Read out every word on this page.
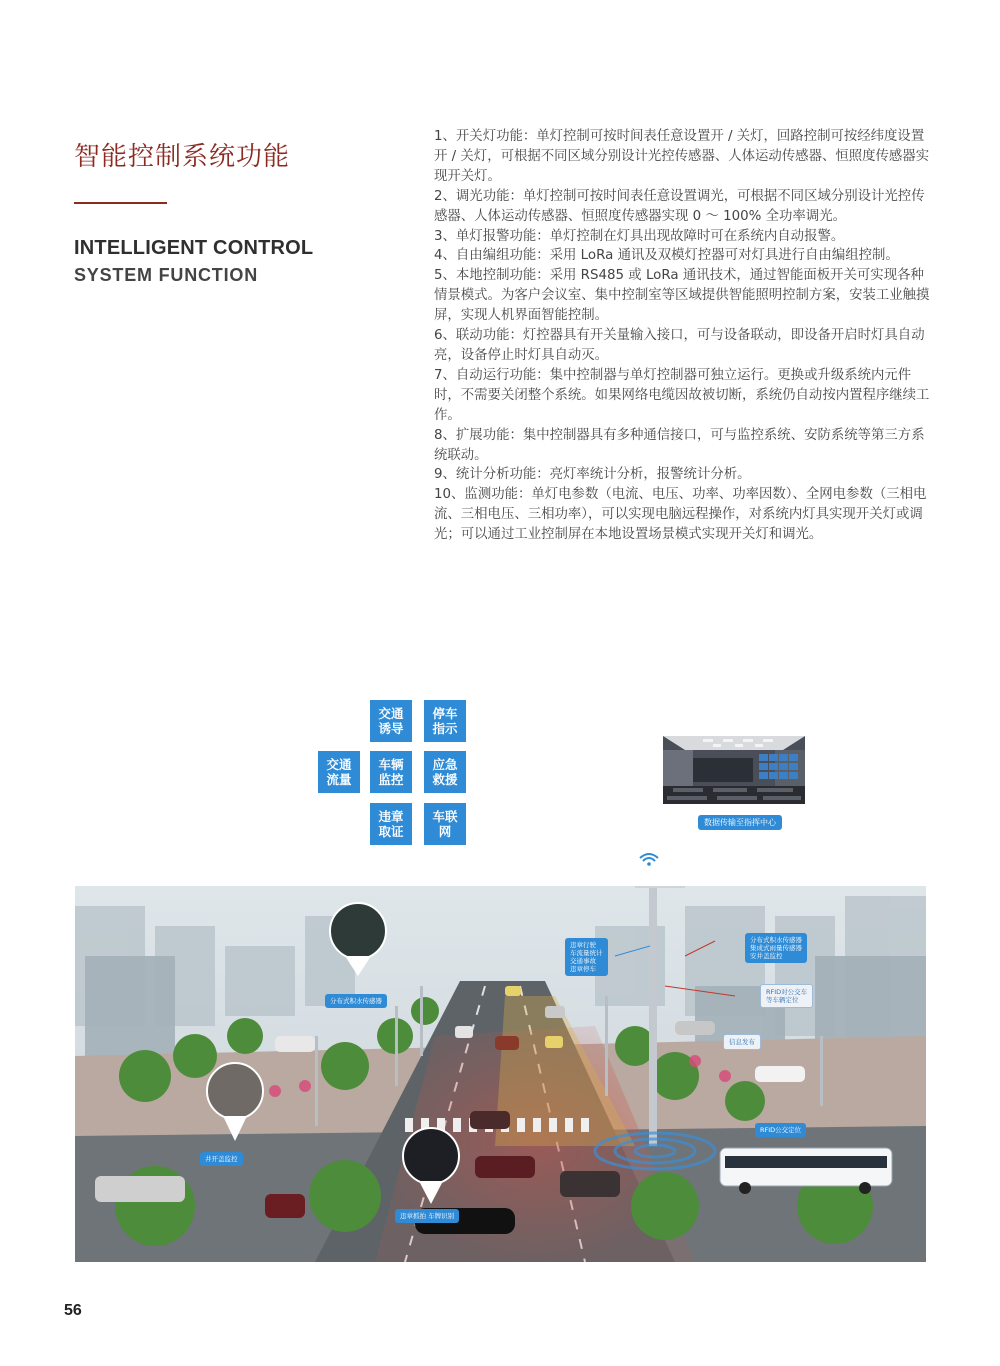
智能控制系统功能
INTELLIGENT CONTROL
SYSTEM FUNCTION

1、开关灯功能：单灯控制可按时间表任意设置开 / 关灯，回路控制可按经纬度设置开 / 关灯，可根据不同区域分别设计光控传感器、人体运动传感器、恒照度传感器实现开关灯。

2、调光功能：单灯控制可按时间表任意设置调光，可根据不同区域分别设计光控传感器、人体运动传感器、恒照度传感器实现 0 ～ 100% 全功率调光。

3、单灯报警功能：单灯控制在灯具出现故障时可在系统内自动报警。

4、自由编组功能：采用 LoRa 通讯及双模灯控器可对灯具进行自由编组控制。

5、本地控制功能：采用 RS485 或 LoRa 通讯技术，通过智能面板开关可实现各种情景模式。为客户会议室、集中控制室等区域提供智能照明控制方案，安装工业触摸屏，实现人机界面智能控制。

6、联动功能：灯控器具有开关量输入接口，可与设备联动，即设备开启时灯具自动亮，设备停止时灯具自动灭。

7、自动运行功能：集中控制器与单灯控制器可独立运行。更换或升级系统内元件时，不需要关闭整个系统。如果网络电缆因故被切断，系统仍自动按内置程序继续工作。

8、扩展功能：集中控制器具有多种通信接口，可与监控系统、安防系统等第三方系统联动。

9、统计分析功能：亮灯率统计分析，报警统计分析。

10、监测功能：单灯电参数（电流、电压、功率、功率因数）、全网电参数（三相电流、三相电压、三相功率），可以实现电脑远程操作，对系统内灯具实现开关灯或调光；可以通过工业控制屏在本地设置场景模式实现开关灯和调光。

交通
诱导
停车
指示
交通
流量
车辆
监控
应急
救援
违章
取证
车联
网
数据传输至指挥中心
分布式积水传感器
违章行驶
车流量统计
交通事故
违章停车
分布式积水传感器
集成式雨量传感器
安井盖监控
RFID对公交车
等车辆定位
信息发布
井开盖监控
RFID公交定位
违章抓拍 车牌识别
56
